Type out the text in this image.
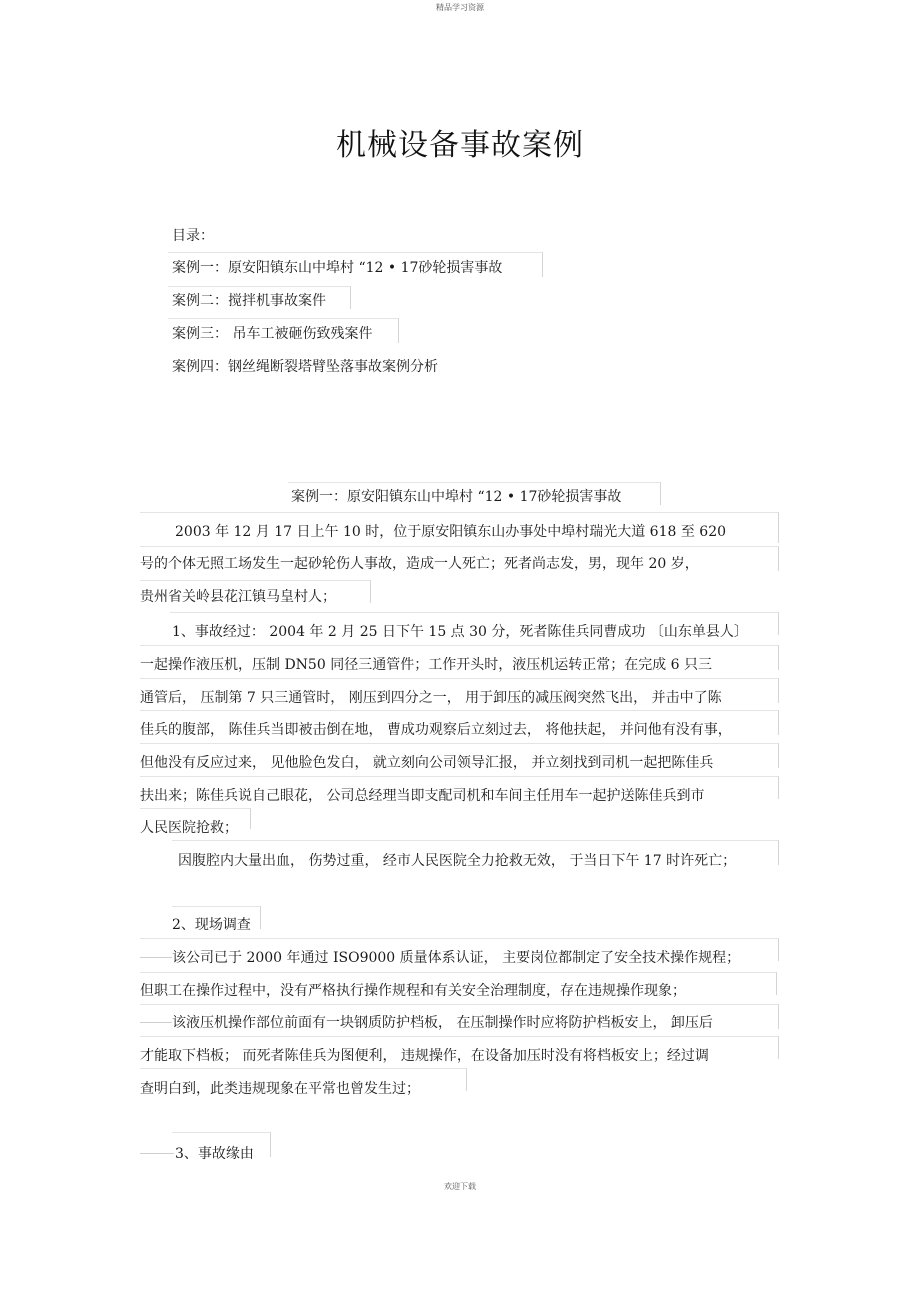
精品学习资源
机械设备事故案例
目录：
案例一：原安阳镇东山中埠村 “12 • 17砂轮损害事故
案例二：搅拌机事故案件
案例三： 吊车工被砸伤致残案件
案例四：钢丝绳断裂塔臂坠落事故案例分析
案例一：原安阳镇东山中埠村 “12 • 17砂轮损害事故
2003 年 12 月 17 日上午 10 时，位于原安阳镇东山办事处中埠村瑞光大道 618 至 620
号的个体无照工场发生一起砂轮伤人事故，造成一人死亡；死者尚志发，男，现年 20 岁，
贵州省关岭县花江镇马皇村人；
1、事故经过： 2004 年 2 月 25 日下午 15 点 30 分，死者陈佳兵同曹成功 〔山东单县人〕
一起操作液压机，压制 DN50 同径三通管件；工作开头时，液压机运转正常；在完成 6 只三
通管后， 压制第 7 只三通管时， 刚压到四分之一， 用于卸压的减压阀突然飞出， 并击中了陈
佳兵的腹部， 陈佳兵当即被击倒在地， 曹成功观察后立刻过去， 将他扶起， 并问他有没有事，
但他没有反应过来， 见他脸色发白， 就立刻向公司领导汇报， 并立刻找到司机一起把陈佳兵
扶出来；陈佳兵说自己眼花， 公司总经理当即支配司机和车间主任用车一起护送陈佳兵到市
人民医院抢救；
因腹腔内大量出血， 伤势过重， 经市人民医院全力抢救无效， 于当日下午 17 时许死亡；
2、现场调查
该公司已于 2000 年通过 ISO9000 质量体系认证， 主要岗位都制定了安全技术操作规程；
但职工在操作过程中，没有严格执行操作规程和有关安全治理制度，存在违规操作现象；
该液压机操作部位前面有一块钢质防护档板， 在压制操作时应将防护档板安上， 卸压后
才能取下档板； 而死者陈佳兵为图便利， 违规操作，在设备加压时没有将档板安上；经过调
查明白到，此类违规现象在平常也曾发生过；
3、事故缘由
欢迎下载
